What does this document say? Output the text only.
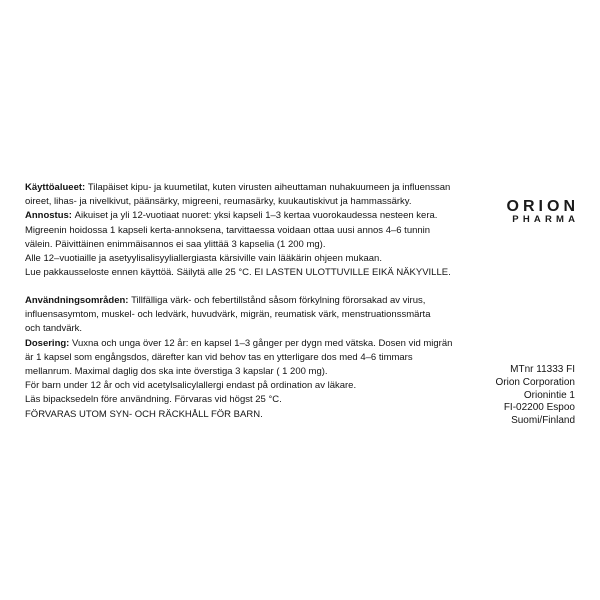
Käyttöalueet: Tilapäiset kipu- ja kuumetilat, kuten virusten aiheuttaman nuhakuumeen ja influenssan
oireet, lihas- ja nivelkivut, päänsärky, migreeni, reumasärky, kuukautiskivut ja hammassärky.
Annostus: Aikuiset ja yli 12-vuotiaat nuoret: yksi kapseli 1–3 kertaa vuorokaudessa nesteen kera.
Migreenin hoidossa 1 kapseli kerta-annoksena, tarvittaessa voidaan ottaa uusi annos 4–6 tunnin
välein. Päivittäinen enimmäisannos ei saa ylittää 3 kapselia (1 200 mg).
Alle 12–vuotiaille ja asetyylisalisyyliallergiasta kärsiville vain lääkärin ohjeen mukaan.
Lue pakkausseloste ennen käyttöä. Säilytä alle 25 °C. EI LASTEN ULOTTUVILLE EIKÄ NÄKYVILLE.
Användningsområden: Tillfälliga värk- och febertillstånd såsom förkylning förorsakad av virus,
influensasymtom, muskel- och ledvärk, huvudvärk, migrän, reumatisk värk, menstruationssmärta
och tandvärk.
Dosering: Vuxna och unga över 12 år: en kapsel 1–3 gånger per dygn med vätska. Dosen vid migrän
är 1 kapsel som engångsdos, därefter kan vid behov tas en ytterligare dos med 4–6 timmars
mellanrum. Maximal daglig dos ska inte överstiga 3 kapslar ( 1 200 mg).
För barn under 12 år och vid acetylsalicylallergi endast på ordination av läkare.
Läs bipacksedeln före användning. Förvaras vid högst 25 °C.
FÖRVARAS UTOM SYN- OCH RÄCKHÅLL FÖR BARN.
ORION
PHARMA
MTnr 11333 FI
Orion Corporation
Orionintie 1
FI-02200 Espoo
Suomi/Finland
